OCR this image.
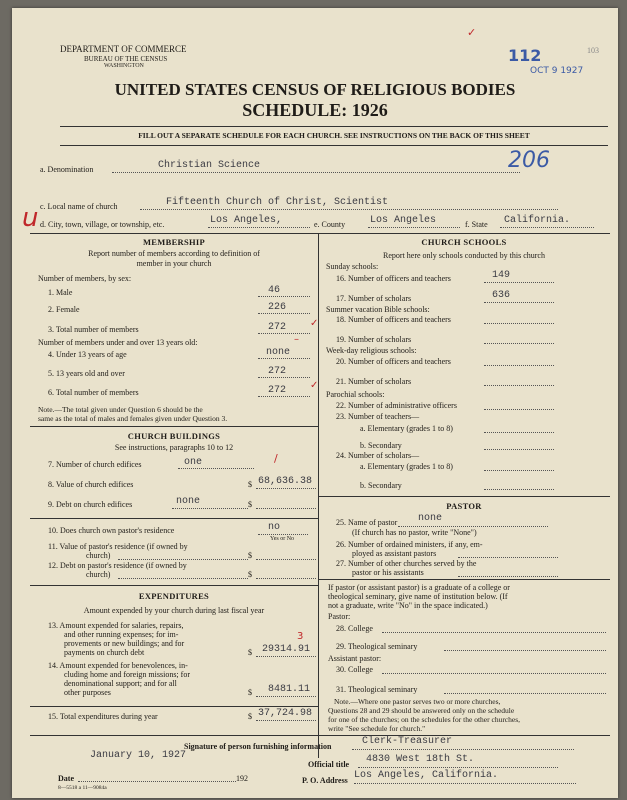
DEPARTMENT OF COMMERCE
BUREAU OF THE CENSUS
WASHINGTON
112
OCT 9 1927
103
✓
UNITED STATES CENSUS OF RELIGIOUS BODIES
SCHEDULE: 1926
FILL OUT A SEPARATE SCHEDULE FOR EACH CHURCH. SEE INSTRUCTIONS ON THE BACK OF THIS SHEET
206
a. Denomination	Christian Science
c. Local name of church	Fifteenth Church of Christ, Scientist
u d. City, town, village, or township, etc.	Los Angeles,	e. County Los Angeles	f. State California.
MEMBERSHIP
Report number of members according to definition of
member in your church
Number of members, by sex:
1. Male	46
2. Female	226
3. Total number of members	272 ✓
Number of members under and over 13 years old:	–
4. Under 13 years of age	none
5. 13 years old and over	272
6. Total number of members	272 ✓
Note.—The total given under Question 6 should be the
same as the total of males and females given under Question 3.
CHURCH BUILDINGS
See instructions, paragraphs 10 to 12
7. Number of church edifices	one	/
8. Value of church edifices	$ 68,636.38
9. Debt on church edifices	none	$
10. Does church own pastor's residence	no
Yes or No
11. Value of pastor's residence (if owned by
church)	$
12. Debt on pastor's residence (if owned by
church)	$
EXPENDITURES
Amount expended by your church during last fiscal year
13. Amount expended for salaries, repairs,
and other running expenses; for im-
provements or new buildings; and for
payments on church debt	$ 29314.91
3
14. Amount expended for benevolences, in-
cluding home and foreign missions; for
denominational support; and for all
other purposes	$ 8481.11
15. Total expenditures during year	$ 37,724.98
CHURCH SCHOOLS
Report here only schools conducted by this church
Sunday schools:
16. Number of officers and teachers	149
17. Number of scholars	636
Summer vacation Bible schools:
18. Number of officers and teachers
19. Number of scholars
Week-day religious schools:
20. Number of officers and teachers
21. Number of scholars
Parochial schools:
22. Number of administrative officers
23. Number of teachers—
a. Elementary (grades 1 to 8)
b. Secondary
24. Number of scholars—
a. Elementary (grades 1 to 8)
b. Secondary
PASTOR
25. Name of pastor none
(If church has no pastor, write "None")
26. Number of ordained ministers, if any, em-
ployed as assistant pastors
27. Number of other churches served by the
pastor or his assistants
If pastor (or assistant pastor) is a graduate of a college or
theological seminary, give name of institution below. (If
not a graduate, write "No" in the space indicated.)
Pastor:
28. College
29. Theological seminary
Assistant pastor:
30. College
31. Theological seminary
Note.—Where one pastor serves two or more churches,
Questions 28 and 29 should be answered only on the schedule
for one of the churches; on the schedules for the other churches,
write "See schedule for church."
Signature of person furnishing information	Clerk-Treasurer
January 10, 1927
Official title 4830 West 18th St.
Date	192	P. O. Address Los Angeles, California.
8—5518 a 11—9084a
